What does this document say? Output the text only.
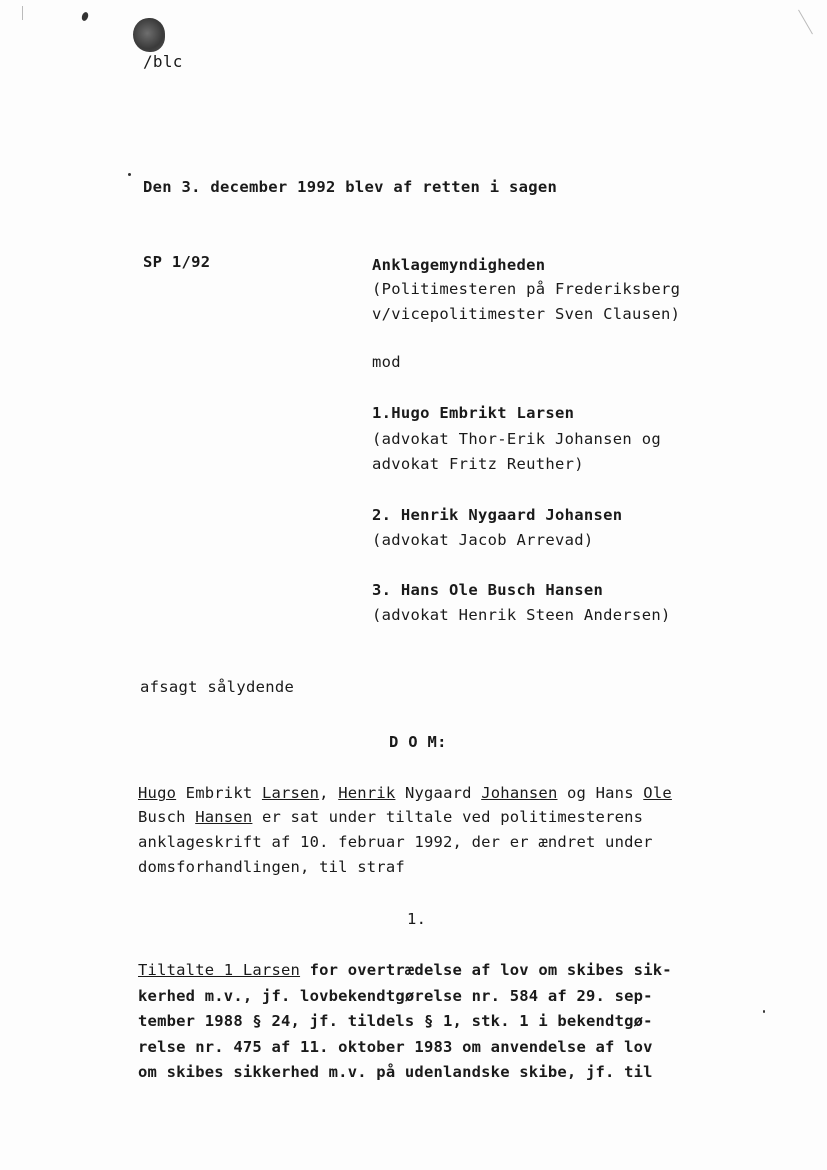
/blc
Den 3. december 1992 blev af retten i sagen
SP 1/92	Anklagemyndigheden
(Politimesteren på Frederiksberg
v/vicepolitimester Sven Clausen)
mod
1.Hugo Embrikt Larsen
(advokat Thor-Erik Johansen og
advokat Fritz Reuther)
2. Henrik Nygaard Johansen
(advokat Jacob Arrevad)
3. Hans Ole Busch Hansen
(advokat Henrik Steen Andersen)
afsagt sålydende
D O M:
Hugo Embrikt Larsen, Henrik Nygaard Johansen og Hans Ole
Busch Hansen er sat under tiltale ved politimesterens
anklageskrift af 10. februar 1992, der er ændret under
domsforhandlingen, til straf
1.
Tiltalte 1 Larsen for overtrædelse af lov om skibes sik-
kerhed m.v., jf. lovbekendtgørelse nr. 584 af 29. sep-
tember 1988 § 24, jf. tildels § 1, stk. 1 i bekendtgø-
relse nr. 475 af 11. oktober 1983 om anvendelse af lov
om skibes sikkerhed m.v. på udenlandske skibe, jf. til
